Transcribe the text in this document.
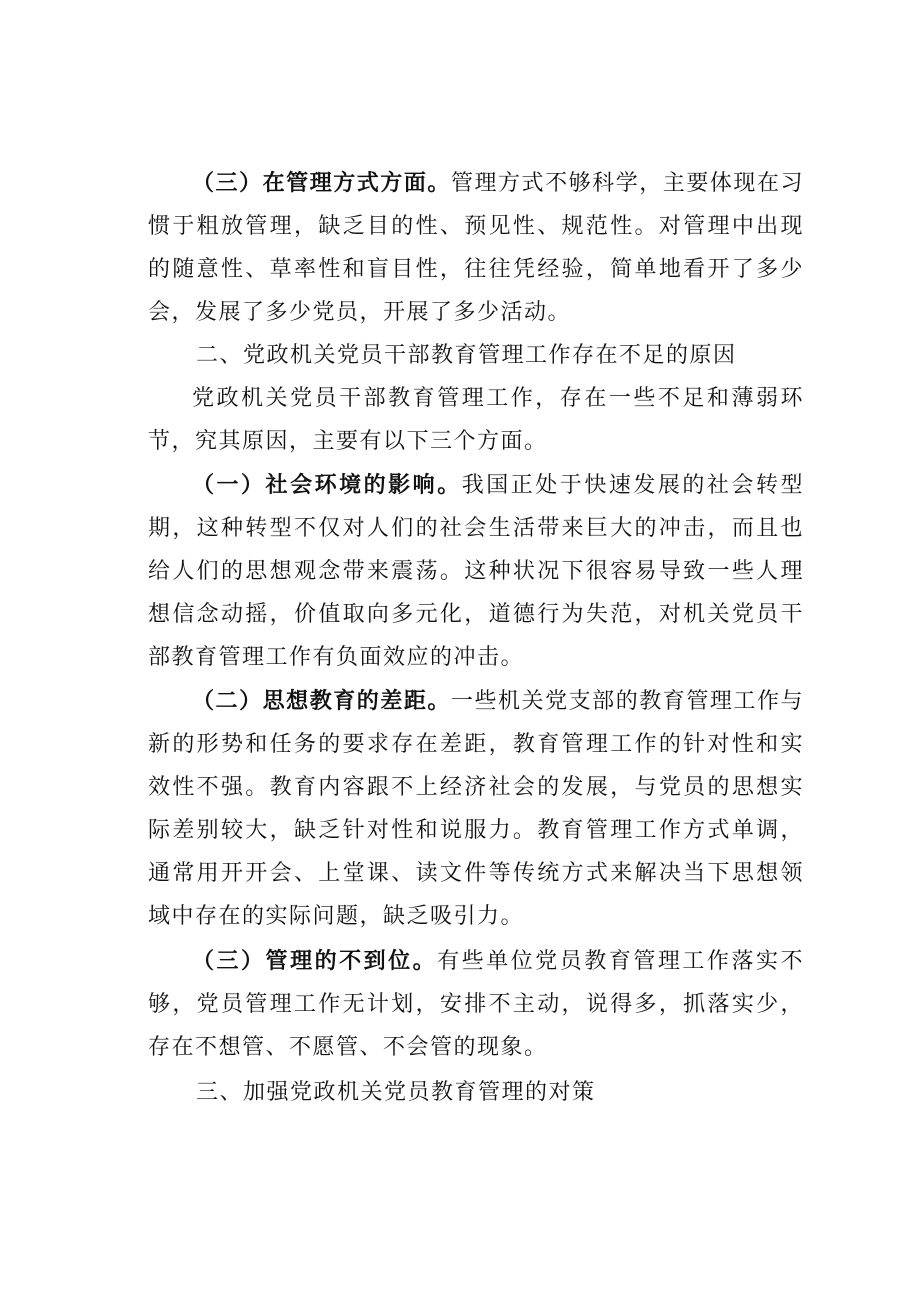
（三）在管理方式方面。管理方式不够科学，主要体现在习惯于粗放管理，缺乏目的性、预见性、规范性。对管理中出现的随意性、草率性和盲目性，往往凭经验，简单地看开了多少会，发展了多少党员，开展了多少活动。

二、党政机关党员干部教育管理工作存在不足的原因

党政机关党员干部教育管理工作，存在一些不足和薄弱环节，究其原因，主要有以下三个方面。

（一）社会环境的影响。我国正处于快速发展的社会转型期，这种转型不仅对人们的社会生活带来巨大的冲击，而且也给人们的思想观念带来震荡。这种状况下很容易导致一些人理想信念动摇，价值取向多元化，道德行为失范，对机关党员干部教育管理工作有负面效应的冲击。

（二）思想教育的差距。一些机关党支部的教育管理工作与新的形势和任务的要求存在差距，教育管理工作的针对性和实效性不强。教育内容跟不上经济社会的发展，与党员的思想实际差别较大，缺乏针对性和说服力。教育管理工作方式单调，通常用开开会、上堂课、读文件等传统方式来解决当下思想领域中存在的实际问题，缺乏吸引力。

（三）管理的不到位。有些单位党员教育管理工作落实不够，党员管理工作无计划，安排不主动，说得多，抓落实少，存在不想管、不愿管、不会管的现象。

三、加强党政机关党员教育管理的对策
